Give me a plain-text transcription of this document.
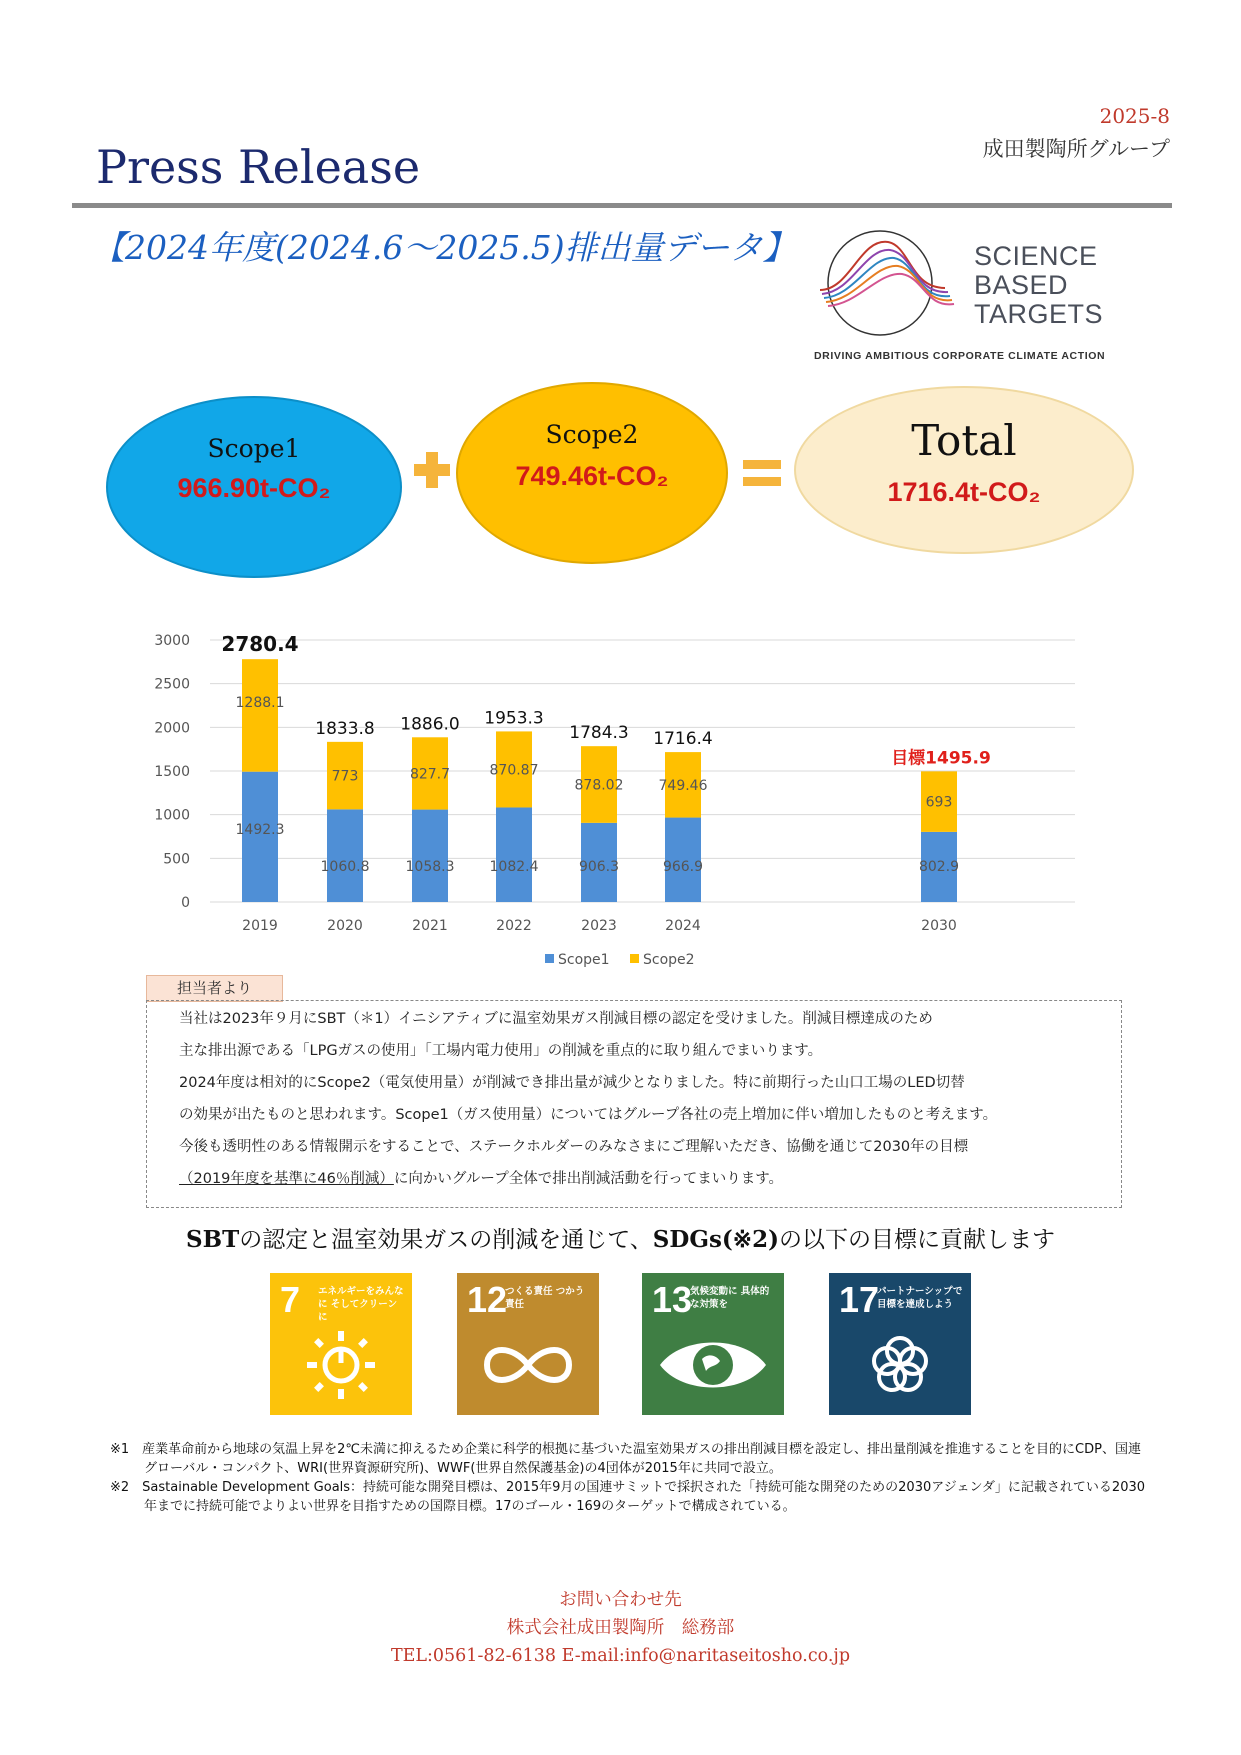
2025-8
成田製陶所グループ
Press Release
【2024年度(2024.6～2025.5)排出量データ】	SCIENCE
BASED
TARGETS
DRIVING AMBITIOUS CORPORATE CLIMATE ACTION
Scope1
966.90t-CO₂
Scope2
749.46t-CO₂
Total
1716.4t-CO₂
0
500
1000
1500
2000
2500
3000
1492.3
1288.1
2780.4
2019
1060.8
773
1833.8
2020
1058.3
827.7
1886.0
2021
1082.4
870.87
1953.3
2022
906.3
878.02
1784.3
2023
966.9
749.46
1716.4
2024
802.9
693
目標1495.9
2030
Scope1 Scope2
担当者より

当社は2023年９月にSBT（＊1）イニシアティブに温室効果ガス削減目標の認定を受けました。削減目標達成のため

主な排出源である「LPGガスの使用」「工場内電力使用」の削減を重点的に取り組んでまいります。

2024年度は相対的にScope2（電気使用量）が削減でき排出量が減少となりました。特に前期行った山口工場のLED切替

の効果が出たものと思われます。Scope1（ガス使用量）についてはグループ各社の売上増加に伴い増加したものと考えます。

今後も透明性のある情報開示をすることで、ステークホルダーのみなさまにご理解いただき、協働を通じて2030年の目標

（2019年度を基準に46％削減）に向かいグループ全体で排出削減活動を行ってまいります。

SBTの認定と温室効果ガスの削減を通じて、SDGs(※2)の以下の目標に貢献します
7 エネルギーをみんなに そしてクリーンに	12
つくる責任 つかう責任	13
気候変動に 具体的な対策を	17
パートナーシップで 目標を達成しよう
※1　産業革命前から地球の気温上昇を2℃未満に抑えるため企業に科学的根拠に基づいた温室効果ガスの排出削減目標を設定し、排出量削減を推進することを目的にCDP、国連グローバル・コンパクト、WRI(世界資源研究所)、WWF(世界自然保護基金)の4団体が2015年に共同で設立。
※2　Sastainable Development Goals：持続可能な開発目標は、2015年9月の国連サミットで採択された「持続可能な開発のための2030アジェンダ」に記載されている2030年までに持続可能でよりよい世界を目指すための国際目標。17のゴール・169のターゲットで構成されている。
お問い合わせ先
株式会社成田製陶所　総務部
TEL:0561-82-6138 E-mail:info@naritaseitosho.co.jp
